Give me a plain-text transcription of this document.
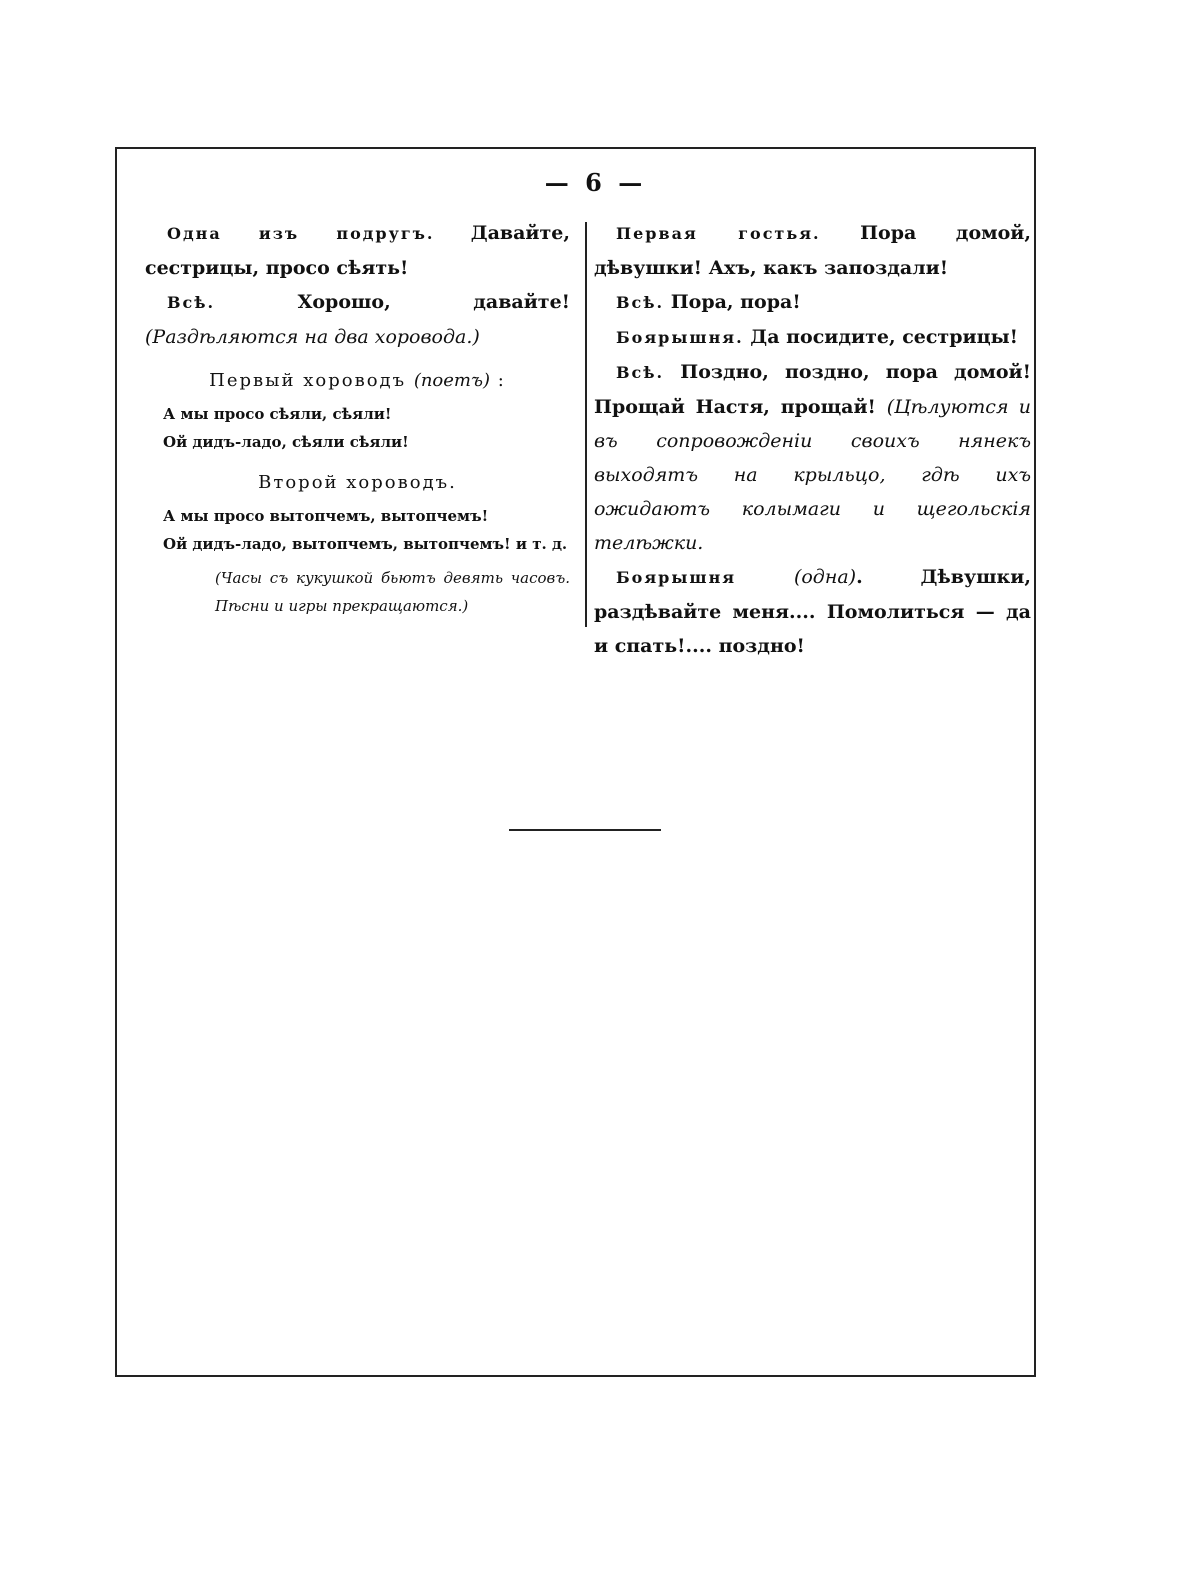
— 6 —

Одна изъ подругъ. Давайте, сестрицы, просо сѣять!

Всѣ. Хорошо, давайте! (Раздѣляются на два хоровода.)

Первый хороводъ (поетъ) :
А мы просо сѣяли, сѣяли!
Ой дидъ-ладо, сѣяли сѣяли!
Второй хороводъ.
А мы просо вытопчемъ, вытопчемъ!
Ой дидъ-ладо, вытопчемъ, вытопчемъ! и т. д.
(Часы съ кукушкой бьютъ девять часовъ. Пѣсни и игры прекращаются.)

Первая гостья. Пора домой, дѣвушки! Ахъ, какъ запоздали!

Всѣ. Пора, пора!

Боярышня. Да посидите, сестрицы!

Всѣ. Поздно, поздно, пора домой! Прощай Настя, прощай! (Цѣлуются и въ сопровожденіи своихъ нянекъ выходятъ на крыльцо, гдѣ ихъ ожидаютъ колымаги и щегольскія телѣжки.

Боярышня	(одна). Дѣвушки, раздѣвайте меня.... Помолиться — да и спать!.... поздно!
